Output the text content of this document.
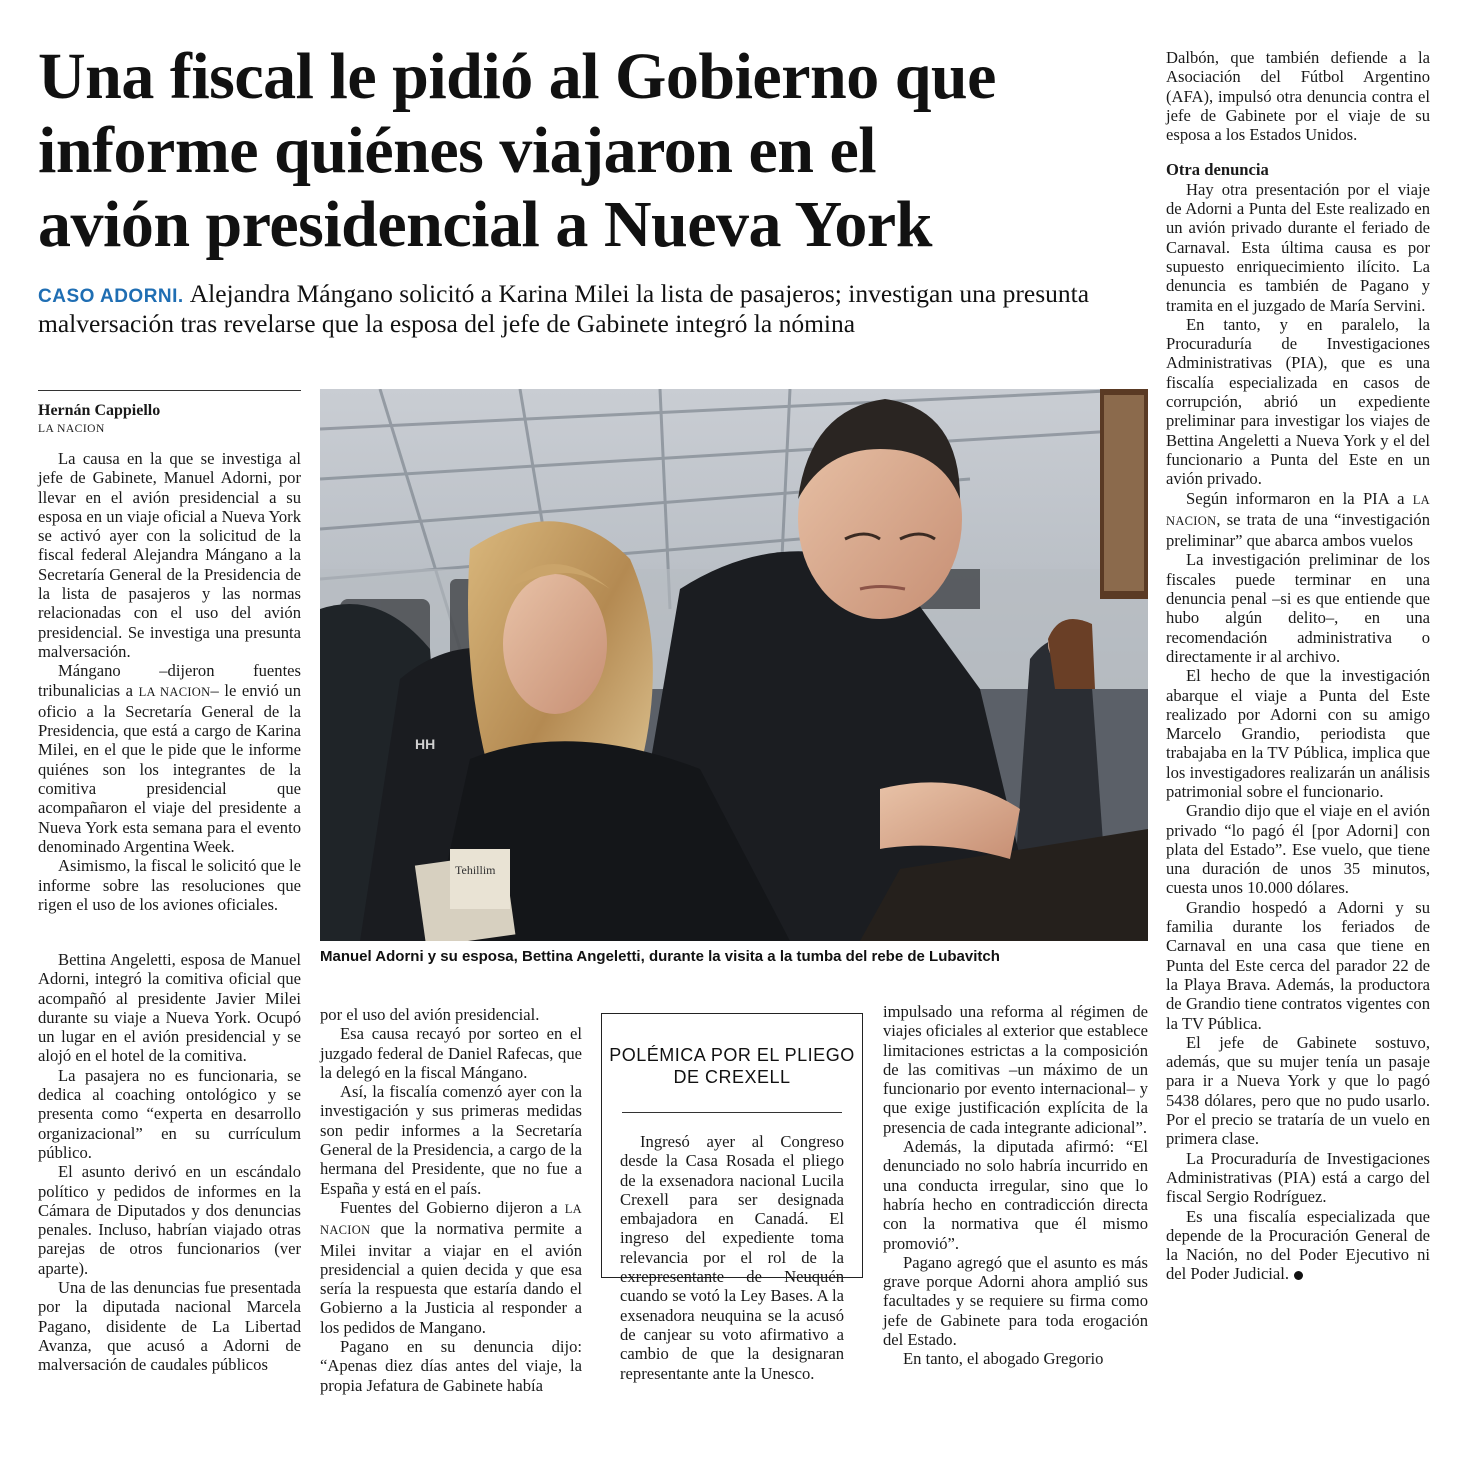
Una fiscal le pidió al Gobierno que
informe quiénes viajaron en el
avión presidencial a Nueva York
CASO ADORNI. Alejandra Mángano solicitó a Karina Milei la lista de pasajeros; investigan una presunta malversación tras revelarse que la esposa del jefe de Gabinete integró la nómina
Hernán Cappiello
LA NACION

La causa en la que se investiga al jefe de Gabinete, Manuel Adorni, por llevar en el avión presidencial a su esposa en un viaje oficial a Nueva York se activó ayer con la solicitud de la fiscal federal Alejandra Mángano a la Secretaría General de la Presidencia de la lista de pasajeros y las normas relacionadas con el uso del avión presidencial. Se investiga una presunta malversación.

Mángano –dijeron fuentes tribunalicias a LA NACION– le envió un oficio a la Secretaría General de la Presidencia, que está a cargo de Karina Milei, en el que le pide que le informe quiénes son los integrantes de la comitiva presidencial que acompañaron el viaje del presidente a Nueva York esta semana para el evento denominado Argentina Week.

Asimismo, la fiscal le solicitó que le informe sobre las resoluciones que rigen el uso de los aviones oficiales.

Bettina Angeletti, esposa de Manuel Adorni, integró la comitiva oficial que acompañó al presidente Javier Milei durante su viaje a Nueva York. Ocupó un lugar en el avión presidencial y se alojó en el hotel de la comitiva.

La pasajera no es funcionaria, se dedica al coaching ontológico y se presenta como “experta en desarrollo organizacional” en su currículum público.

El asunto derivó en un escándalo político y pedidos de informes en la Cámara de Diputados y dos denuncias penales. Incluso, habrían viajado otras parejas de otros funcionarios (ver aparte).

Una de las denuncias fue presentada por la diputada nacional Marcela Pagano, disidente de La Libertad Avanza, que acusó a Adorni de malversación de caudales públicos

por el uso del avión presidencial.

Esa causa recayó por sorteo en el juzgado federal de Daniel Rafecas, que la delegó en la fiscal Mángano.

Así, la fiscalía comenzó ayer con la investigación y sus primeras medidas son pedir informes a la Secretaría General de la Presidencia, a cargo de la hermana del Presidente, que no fue a España y está en el país.

Fuentes del Gobierno dijeron a LA NACION que la normativa permite a Milei invitar a viajar en el avión presidencial a quien decida y que esa sería la respuesta que estaría dando el Gobierno a la Justicia al responder a los pedidos de Mangano.

Pagano en su denuncia dijo: “Apenas diez días antes del viaje, la propia Jefatura de Gabinete había

impulsado una reforma al régimen de viajes oficiales al exterior que establece limitaciones estrictas a la composición de las comitivas –un máximo de un funcionario por evento internacional– y que exige justificación explícita de la presencia de cada integrante adicional”.

Además, la diputada afirmó: “El denunciado no solo habría incurrido en una conducta irregular, sino que lo habría hecho en contradicción directa con la normativa que él mismo promovió”.

Pagano agregó que el asunto es más grave porque Adorni ahora amplió sus facultades y se requiere su firma como jefe de Gabinete para toda erogación del Estado.

En tanto, el abogado Gregorio

Dalbón, que también defiende a la Asociación del Fútbol Argentino (AFA), impulsó otra denuncia contra el jefe de Gabinete por el viaje de su esposa a los Estados Unidos.

Otra denuncia

Hay otra presentación por el viaje de Adorni a Punta del Este realizado en un avión privado durante el feriado de Carnaval. Esta última causa es por supuesto enriquecimiento ilícito. La denuncia es también de Pagano y tramita en el juzgado de María Servini.

En tanto, y en paralelo, la Procuraduría de Investigaciones Administrativas (PIA), que es una fiscalía especializada en casos de corrupción, abrió un expediente preliminar para investigar los viajes de Bettina Angeletti a Nueva York y el del funcionario a Punta del Este en un avión privado.

Según informaron en la PIA a LA NACION, se trata de una “investigación preliminar” que abarca ambos vuelos

La investigación preliminar de los fiscales puede terminar en una denuncia penal –si es que entiende que hubo algún delito–, en una recomendación administrativa o directamente ir al archivo.

El hecho de que la investigación abarque el viaje a Punta del Este realizado por Adorni con su amigo Marcelo Grandio, periodista que trabajaba en la TV Pública, implica que los investigadores realizarán un análisis patrimonial sobre el funcionario.

Grandio dijo que el viaje en el avión privado “lo pagó él [por Adorni] con plata del Estado”. Ese vuelo, que tiene una duración de unos 35 minutos, cuesta unos 10.000 dólares.

Grandio hospedó a Adorni y su familia durante los feriados de Carnaval en una casa que tiene en Punta del Este cerca del parador 22 de la Playa Brava. Además, la productora de Grandio tiene contratos vigentes con la TV Pública.

El jefe de Gabinete sostuvo, además, que su mujer tenía un pasaje para ir a Nueva York y que lo pagó 5438 dólares, pero que no pudo usarlo. Por el precio se trataría de un vuelo en primera clase.

La Procuraduría de Investigaciones Administrativas (PIA) está a cargo del fiscal Sergio Rodríguez.

Es una fiscalía especializada que depende de la Procuración General de la Nación, no del Poder Ejecutivo ni del Poder Judicial.

HH
Tehillim
Manuel Adorni y su esposa, Bettina Angeletti, durante la visita a la tumba del rebe de Lubavitch
POLÉMICA POR EL PLIEGO DE CREXELL

Ingresó ayer al Congreso desde la Casa Rosada el pliego de la exsenadora nacional Lucila Crexell para ser designada embajadora en Canadá. El ingreso del expediente toma relevancia por el rol de la exrepresentante de Neuquén cuando se votó la Ley Bases. A la exsenadora neuquina se la acusó de canjear su voto afirmativo a cambio de que la designaran representante ante la Unesco.
